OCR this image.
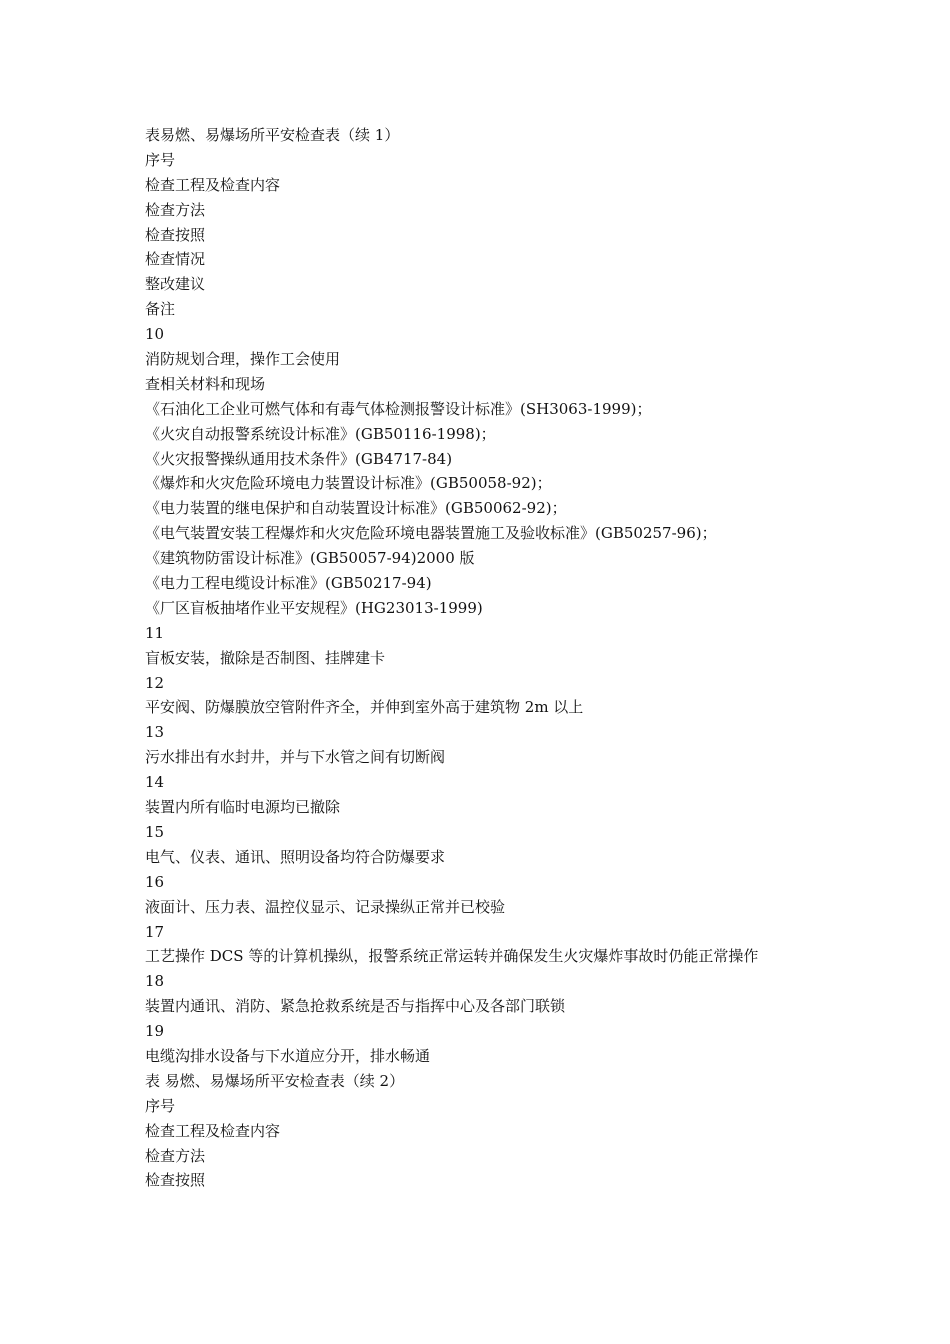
表易燃、易爆场所平安检查表（续 1）
序号
检查工程及检查内容
检查方法
检查按照
检查情况
整改建议
备注
10
消防规划合理，操作工会使用
查相关材料和现场
《石油化工企业可燃气体和有毒气体检测报警设计标准》(SH3063-1999)；
《火灾自动报警系统设计标准》(GB50116-1998)；
《火灾报警操纵通用技术条件》(GB4717-84)
《爆炸和火灾危险环境电力装置设计标准》(GB50058-92)；
《电力装置的继电保护和自动装置设计标准》(GB50062-92)；
《电气装置安装工程爆炸和火灾危险环境电器装置施工及验收标准》(GB50257-96)；
《建筑物防雷设计标准》(GB50057-94)2000 版
《电力工程电缆设计标准》(GB50217-94)
《厂区盲板抽堵作业平安规程》(HG23013-1999)
11
盲板安装，撤除是否制图、挂牌建卡
12
平安阀、防爆膜放空管附件齐全，并伸到室外高于建筑物 2m 以上
13
污水排出有水封井，并与下水管之间有切断阀
14
装置内所有临时电源均已撤除
15
电气、仪表、通讯、照明设备均符合防爆要求
16
液面计、压力表、温控仪显示、记录操纵正常并已校验
17
工艺操作 DCS 等的计算机操纵，报警系统正常运转并确保发生火灾爆炸事故时仍能正常操作
18
装置内通讯、消防、紧急抢救系统是否与指挥中心及各部门联锁
19
电缆沟排水设备与下水道应分开，排水畅通
表 易燃、易爆场所平安检查表（续 2）
序号
检查工程及检查内容
检查方法
检查按照
